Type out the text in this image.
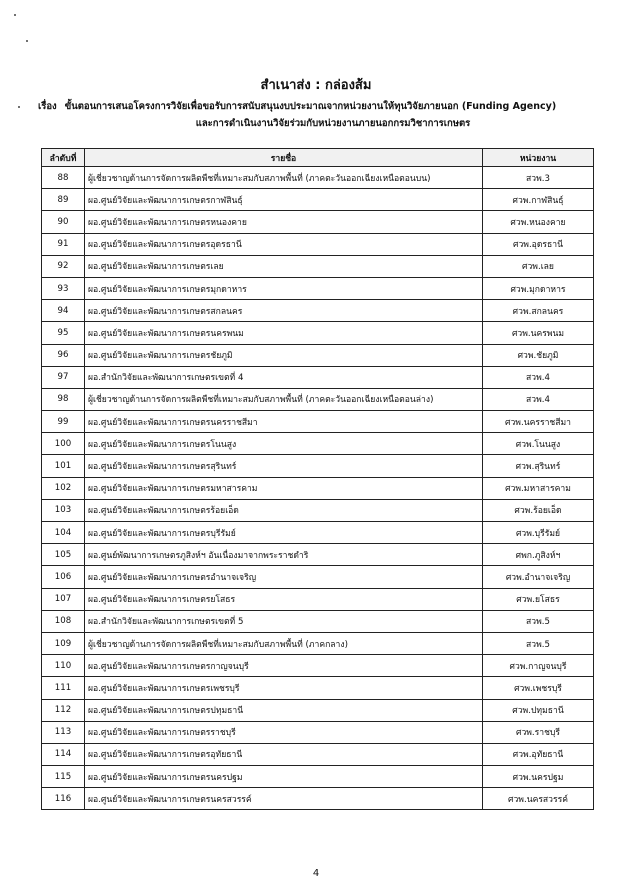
สำเนาส่ง : กล่องส้ม
เรื่อง ขั้นตอนการเสนอโครงการวิจัยเพื่อขอรับการสนับสนุนงบประมาณจากหน่วยงานให้ทุนวิจัยภายนอก (Funding Agency)
และการดำเนินงานวิจัยร่วมกับหน่วยงานภายนอกกรมวิชาการเกษตร
ลำดับที่	รายชื่อ	หน่วยงาน
88	ผู้เชี่ยวชาญด้านการจัดการผลิตพืชที่เหมาะสมกับสภาพพื้นที่ (ภาคตะวันออกเฉียงเหนือตอนบน)	สวพ.3
89	ผอ.ศูนย์วิจัยและพัฒนาการเกษตรกาฬสินธุ์	ศวพ.กาฬสินธุ์
90	ผอ.ศูนย์วิจัยและพัฒนาการเกษตรหนองคาย	ศวพ.หนองคาย
91	ผอ.ศูนย์วิจัยและพัฒนาการเกษตรอุดรธานี	ศวพ.อุดรธานี
92	ผอ.ศูนย์วิจัยและพัฒนาการเกษตรเลย	ศวพ.เลย
93	ผอ.ศูนย์วิจัยและพัฒนาการเกษตรมุกดาหาร	ศวพ.มุกดาหาร
94	ผอ.ศูนย์วิจัยและพัฒนาการเกษตรสกลนคร	ศวพ.สกลนคร
95	ผอ.ศูนย์วิจัยและพัฒนาการเกษตรนครพนม	ศวพ.นครพนม
96	ผอ.ศูนย์วิจัยและพัฒนาการเกษตรชัยภูมิ	ศวพ.ชัยภูมิ
97	ผอ.สำนักวิจัยและพัฒนาการเกษตรเขตที่ 4	สวพ.4
98	ผู้เชี่ยวชาญด้านการจัดการผลิตพืชที่เหมาะสมกับสภาพพื้นที่ (ภาคตะวันออกเฉียงเหนือตอนล่าง)	สวพ.4
99	ผอ.ศูนย์วิจัยและพัฒนาการเกษตรนครราชสีมา	ศวพ.นครราชสีมา
100	ผอ.ศูนย์วิจัยและพัฒนาการเกษตรโนนสูง	ศวพ.โนนสูง
101	ผอ.ศูนย์วิจัยและพัฒนาการเกษตรสุรินทร์	ศวพ.สุรินทร์
102	ผอ.ศูนย์วิจัยและพัฒนาการเกษตรมหาสารคาม	ศวพ.มหาสารคาม
103	ผอ.ศูนย์วิจัยและพัฒนาการเกษตรร้อยเอ็ด	ศวพ.ร้อยเอ็ด
104	ผอ.ศูนย์วิจัยและพัฒนาการเกษตรบุรีรัมย์	ศวพ.บุรีรัมย์
105	ผอ.ศูนย์พัฒนาการเกษตรภูสิงห์ฯ อันเนื่องมาจากพระราชดำริ	ศพก.ภูสิงห์ฯ
106	ผอ.ศูนย์วิจัยและพัฒนาการเกษตรอำนาจเจริญ	ศวพ.อำนาจเจริญ
107	ผอ.ศูนย์วิจัยและพัฒนาการเกษตรยโสธร	ศวพ.ยโสธร
108	ผอ.สำนักวิจัยและพัฒนาการเกษตรเขตที่ 5	สวพ.5
109	ผู้เชี่ยวชาญด้านการจัดการผลิตพืชที่เหมาะสมกับสภาพพื้นที่ (ภาคกลาง)	สวพ.5
110	ผอ.ศูนย์วิจัยและพัฒนาการเกษตรกาญจนบุรี	ศวพ.กาญจนบุรี
111	ผอ.ศูนย์วิจัยและพัฒนาการเกษตรเพชรบุรี	ศวพ.เพชรบุรี
112	ผอ.ศูนย์วิจัยและพัฒนาการเกษตรปทุมธานี	ศวพ.ปทุมธานี
113	ผอ.ศูนย์วิจัยและพัฒนาการเกษตรราชบุรี	ศวพ.ราชบุรี
114	ผอ.ศูนย์วิจัยและพัฒนาการเกษตรอุทัยธานี	ศวพ.อุทัยธานี
115	ผอ.ศูนย์วิจัยและพัฒนาการเกษตรนครปฐม	ศวพ.นครปฐม
116	ผอ.ศูนย์วิจัยและพัฒนาการเกษตรนครสวรรค์	ศวพ.นครสวรรค์
4
